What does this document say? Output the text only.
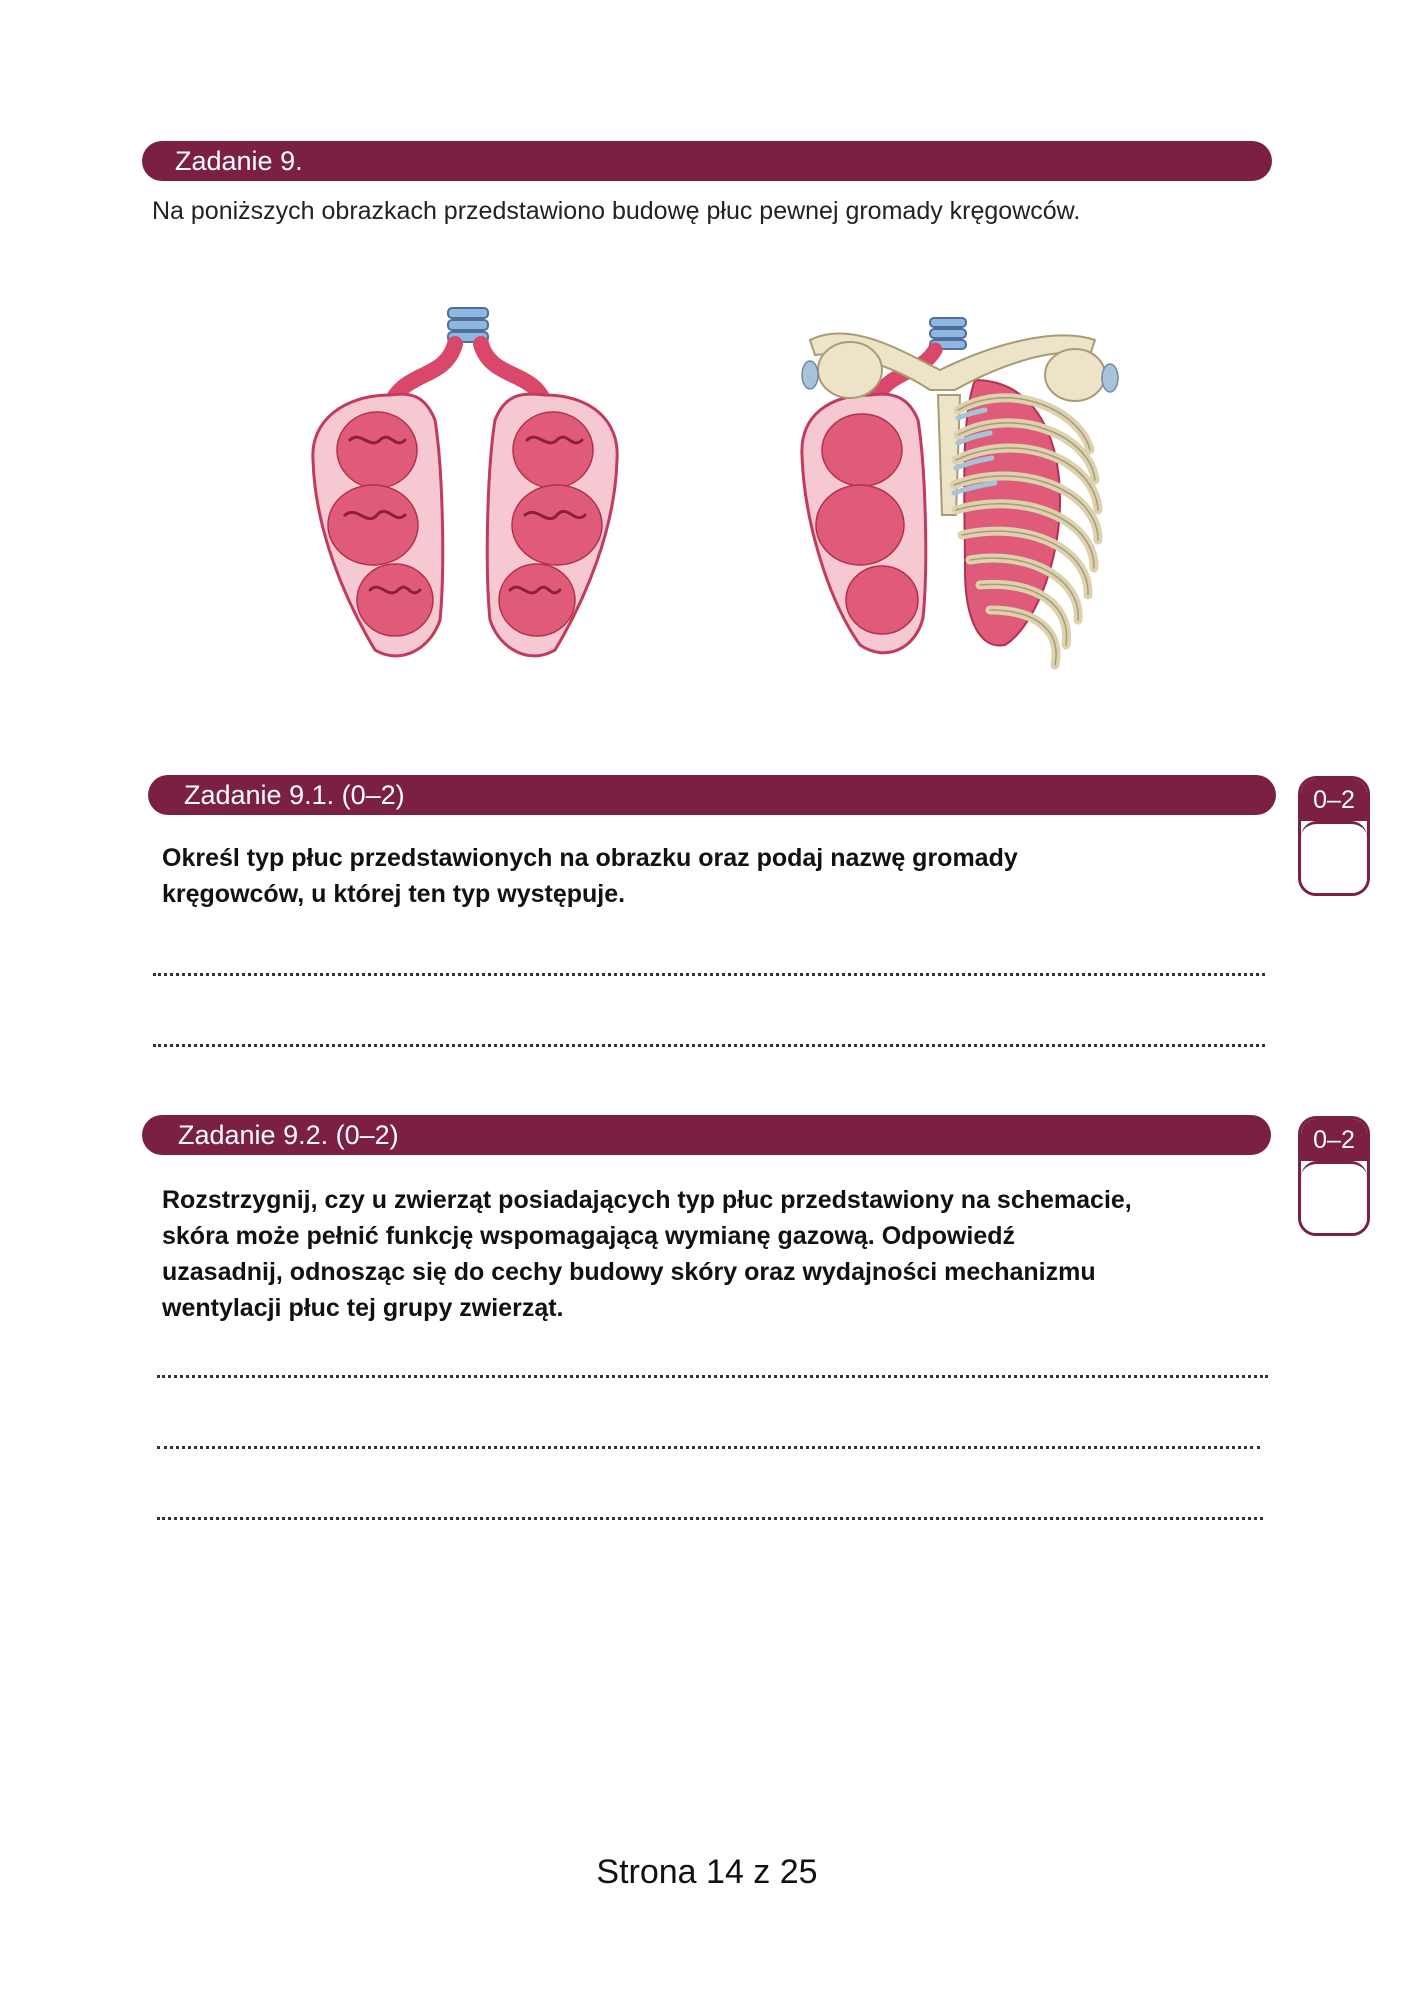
Zadanie 9.
Na poniższych obrazkach przedstawiono budowę płuc pewnej gromady kręgowców.
Zadanie 9.1. (0–2)	0–2
Określ typ płuc przedstawionych na obrazku oraz podaj nazwę gromady
kręgowców, u której ten typ występuje.
Zadanie 9.2. (0–2)	0–2
Rozstrzygnij, czy u zwierząt posiadających typ płuc przedstawiony na schemacie,
skóra może pełnić funkcję wspomagającą wymianę gazową. Odpowiedź
uzasadnij, odnosząc się do cechy budowy skóry oraz wydajności mechanizmu
wentylacji płuc tej grupy zwierząt.
Strona 14 z 25
